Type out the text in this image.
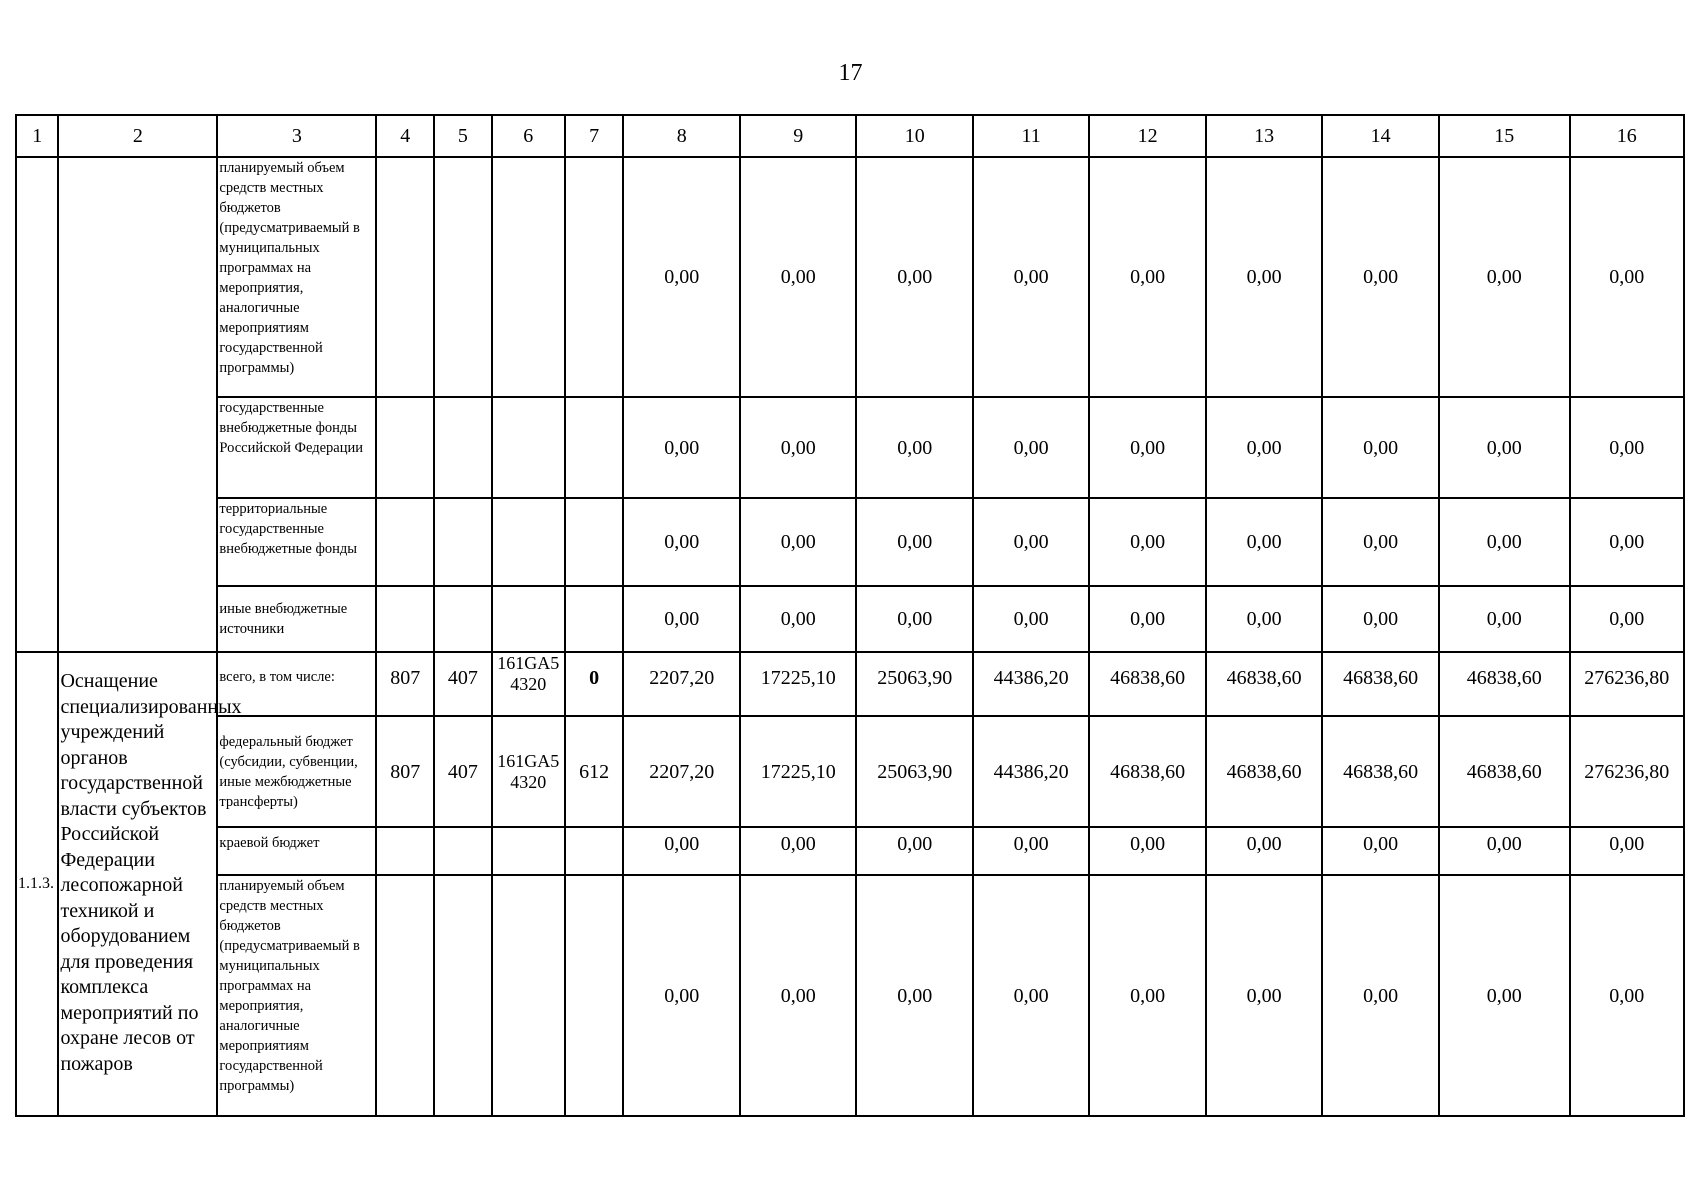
17
1	2	3	4	5	6	7	8	9	10	11	12	13	14	15	16
		планируемый объем средств местных бюджетов (предусматриваемый в муниципальных программах на мероприятия, аналогичные мероприятиям государственной программы)					0,00	0,00	0,00	0,00	0,00	0,00	0,00	0,00	0,00
		государственные внебюджетные фонды Российской Федерации					0,00	0,00	0,00	0,00	0,00	0,00	0,00	0,00	0,00
		территориальные государственные внебюджетные фонды					0,00	0,00	0,00	0,00	0,00	0,00	0,00	0,00	0,00
		иные внебюджетные источники					0,00	0,00	0,00	0,00	0,00	0,00	0,00	0,00	0,00
1.1.3.	Оснащение специализированных учреждений органов государственной власти субъектов Российской Федерации лесопожарной техникой и оборудованием для проведения комплекса мероприятий по охране лесов от пожаров	всего, в том числе:	807	407	161GA5 4320	0	2207,20	17225,10	25063,90	44386,20	46838,60	46838,60	46838,60	46838,60	276236,80
		федеральный бюджет (субсидии, субвенции, иные межбюджетные трансферты)	807	407	161GA5 4320	612	2207,20	17225,10	25063,90	44386,20	46838,60	46838,60	46838,60	46838,60	276236,80
		краевой бюджет					0,00	0,00	0,00	0,00	0,00	0,00	0,00	0,00	0,00
		планируемый объем средств местных бюджетов (предусматриваемый в муниципальных программах на мероприятия, аналогичные мероприятиям государственной программы)					0,00	0,00	0,00	0,00	0,00	0,00	0,00	0,00	0,00
